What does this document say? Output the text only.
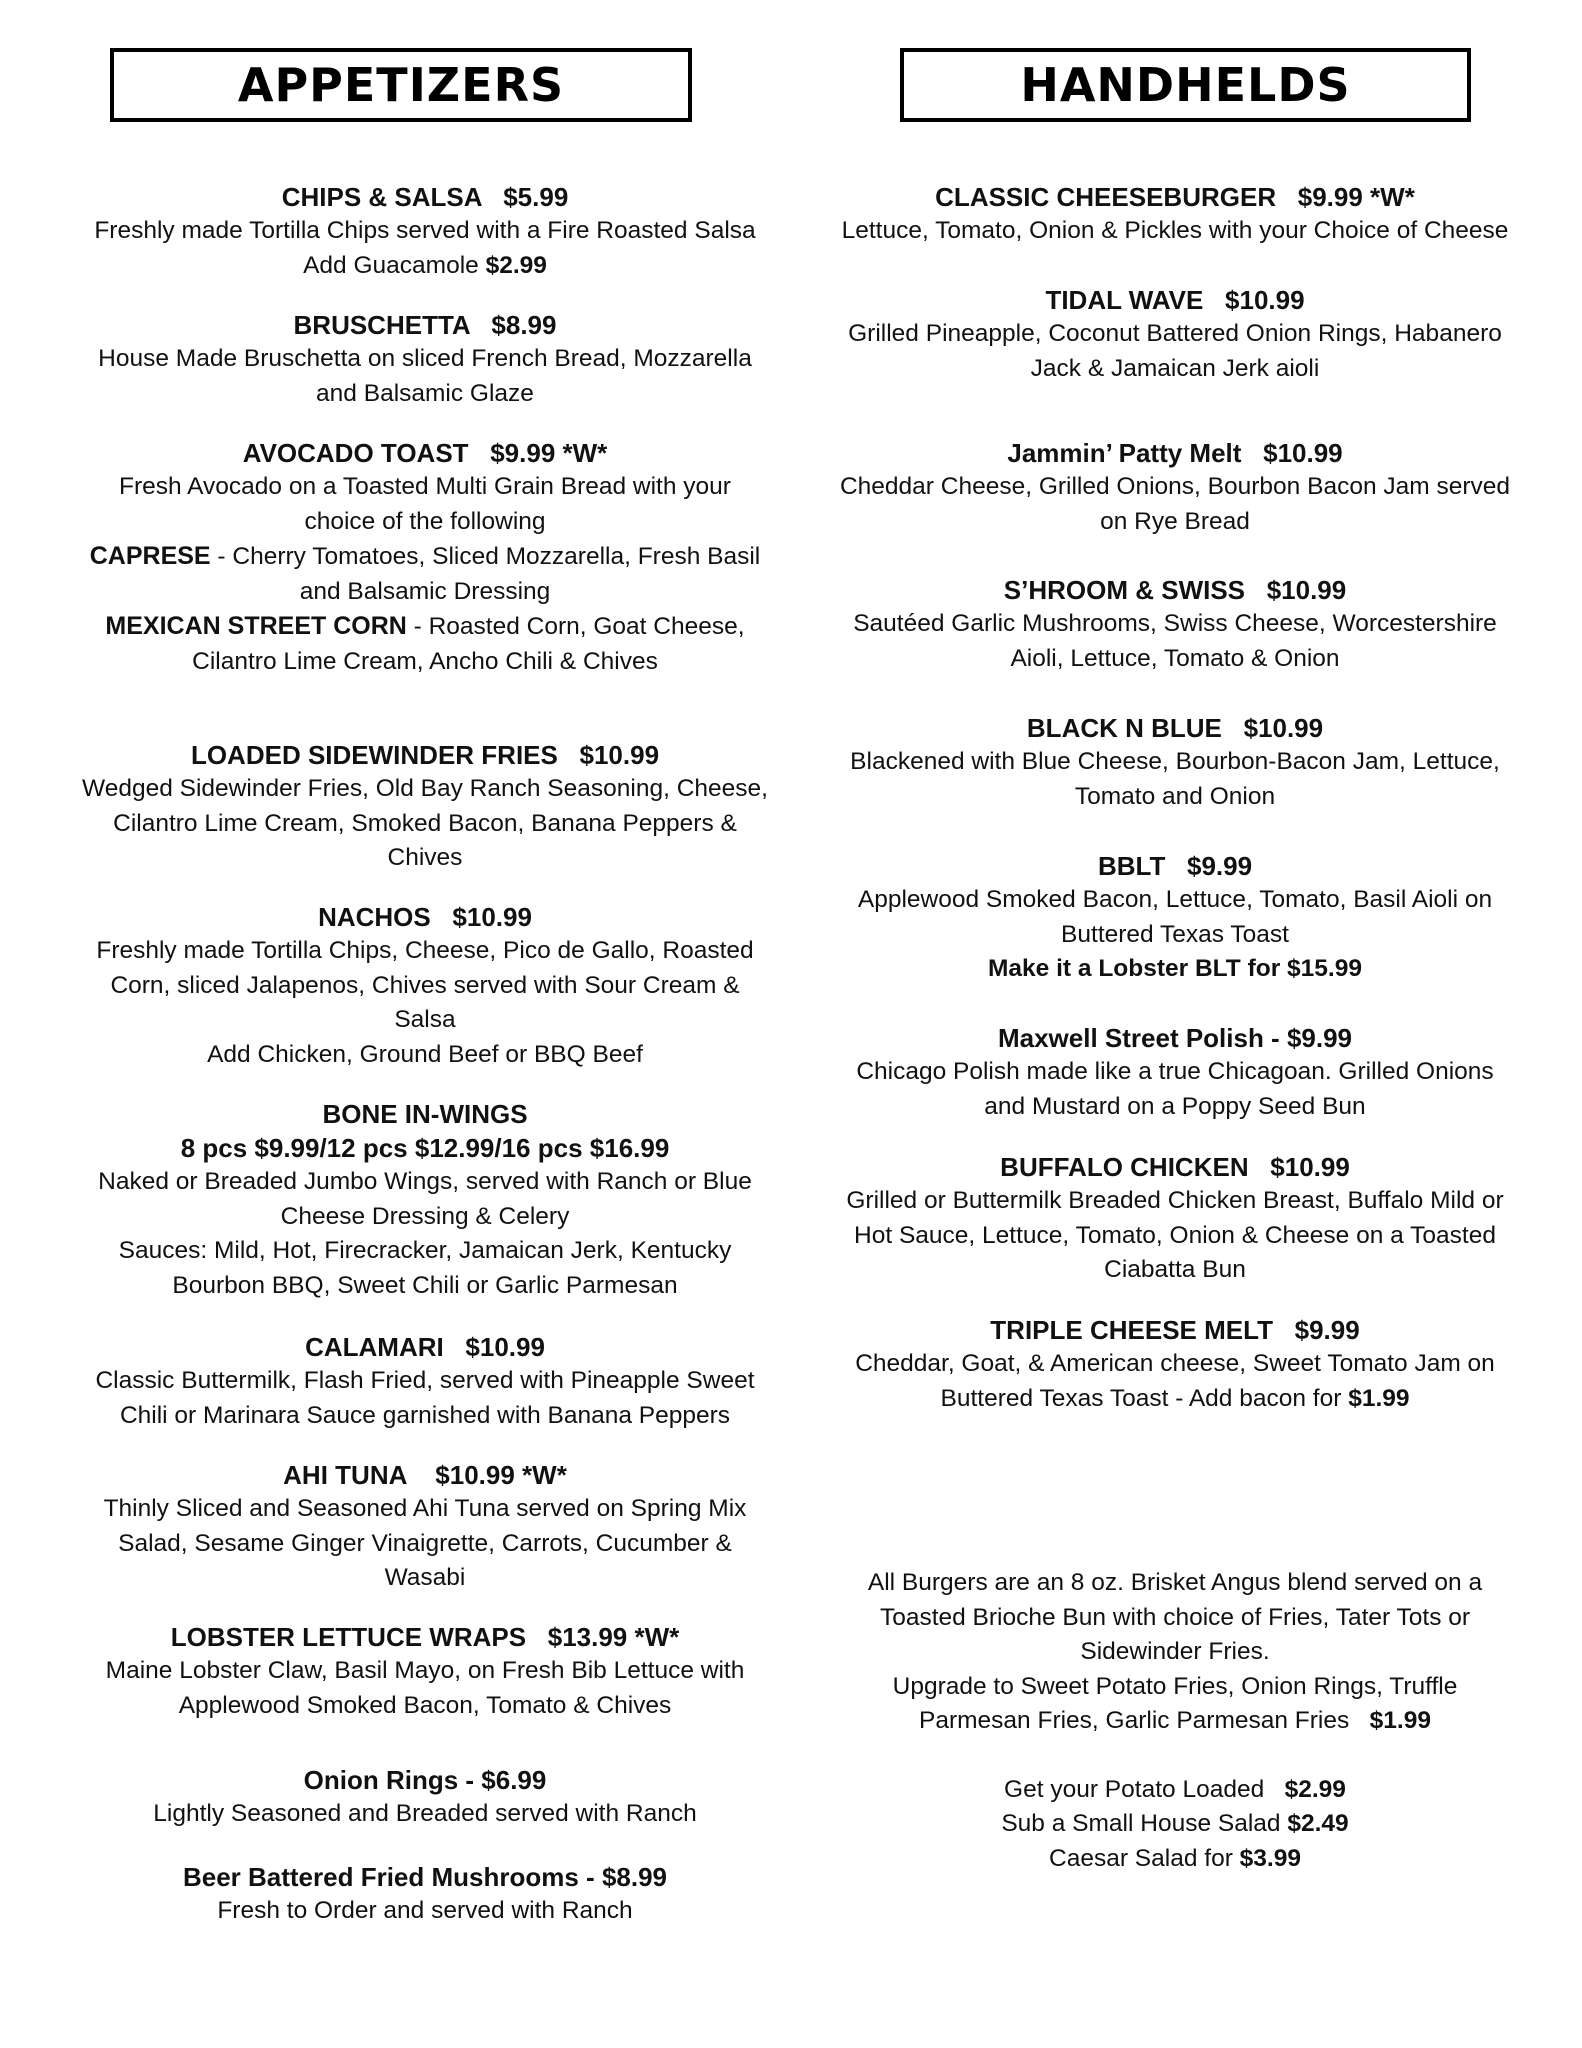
APPETIZERS	HANDHELDS
CHIPS & SALSA   $5.99
Freshly made Tortilla Chips served with a Fire Roasted Salsa
Add Guacamole $2.99
BRUSCHETTA   $8.99
House Made Bruschetta on sliced French Bread, Mozzarella
and Balsamic Glaze
AVOCADO TOAST   $9.99 *W*
Fresh Avocado on a Toasted Multi Grain Bread with your
choice of the following
CAPRESE - Cherry Tomatoes, Sliced Mozzarella, Fresh Basil
and Balsamic Dressing
MEXICAN STREET CORN - Roasted Corn, Goat Cheese,
Cilantro Lime Cream, Ancho Chili & Chives
LOADED SIDEWINDER FRIES   $10.99
Wedged Sidewinder Fries, Old Bay Ranch Seasoning, Cheese,
Cilantro Lime Cream, Smoked Bacon, Banana Peppers &
Chives
NACHOS   $10.99
Freshly made Tortilla Chips, Cheese, Pico de Gallo, Roasted
Corn, sliced Jalapenos, Chives served with Sour Cream &
Salsa
Add Chicken, Ground Beef or BBQ Beef
BONE IN-WINGS
8 pcs $9.99/12 pcs $12.99/16 pcs $16.99
Naked or Breaded Jumbo Wings, served with Ranch or Blue
Cheese Dressing & Celery
Sauces: Mild, Hot, Firecracker, Jamaican Jerk, Kentucky
Bourbon BBQ, Sweet Chili or Garlic Parmesan
CALAMARI   $10.99
Classic Buttermilk, Flash Fried, served with Pineapple Sweet
Chili or Marinara Sauce garnished with Banana Peppers
AHI TUNA    $10.99 *W*
Thinly Sliced and Seasoned Ahi Tuna served on Spring Mix
Salad, Sesame Ginger Vinaigrette, Carrots, Cucumber &
Wasabi
LOBSTER LETTUCE WRAPS   $13.99 *W*
Maine Lobster Claw, Basil Mayo, on Fresh Bib Lettuce with
Applewood Smoked Bacon, Tomato & Chives
Onion Rings - $6.99
Lightly Seasoned and Breaded served with Ranch
Beer Battered Fried Mushrooms - $8.99
Fresh to Order and served with Ranch
CLASSIC CHEESEBURGER   $9.99 *W*
Lettuce, Tomato, Onion & Pickles with your Choice of Cheese
TIDAL WAVE   $10.99
Grilled Pineapple, Coconut Battered Onion Rings, Habanero
Jack & Jamaican Jerk aioli
Jammin’ Patty Melt   $10.99
Cheddar Cheese, Grilled Onions, Bourbon Bacon Jam served
on Rye Bread
S’HROOM & SWISS   $10.99
Sautéed Garlic Mushrooms, Swiss Cheese, Worcestershire
Aioli, Lettuce, Tomato & Onion
BLACK N BLUE   $10.99
Blackened with Blue Cheese, Bourbon-Bacon Jam, Lettuce,
Tomato and Onion
BBLT   $9.99
Applewood Smoked Bacon, Lettuce, Tomato, Basil Aioli on
Buttered Texas Toast
Make it a Lobster BLT for $15.99
Maxwell Street Polish - $9.99
Chicago Polish made like a true Chicagoan. Grilled Onions
and Mustard on a Poppy Seed Bun
BUFFALO CHICKEN   $10.99
Grilled or Buttermilk Breaded Chicken Breast, Buffalo Mild or
Hot Sauce, Lettuce, Tomato, Onion & Cheese on a Toasted
Ciabatta Bun
TRIPLE CHEESE MELT   $9.99
Cheddar, Goat, & American cheese, Sweet Tomato Jam on
Buttered Texas Toast - Add bacon for $1.99
All Burgers are an 8 oz. Brisket Angus blend served on a
Toasted Brioche Bun with choice of Fries, Tater Tots or
Sidewinder Fries.
Upgrade to Sweet Potato Fries, Onion Rings, Truffle
Parmesan Fries, Garlic Parmesan Fries   $1.99
Get your Potato Loaded   $2.99
Sub a Small House Salad $2.49
Caesar Salad for $3.99
